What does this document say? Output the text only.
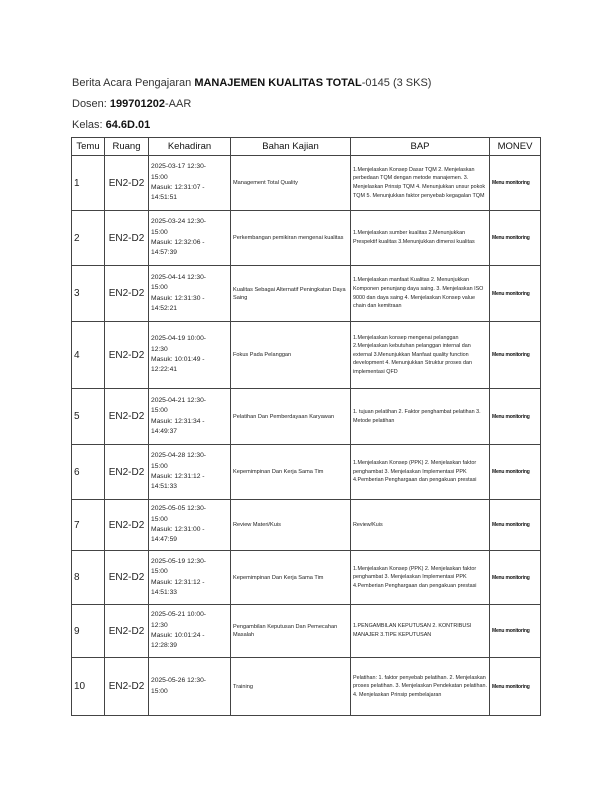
Berita Acara Pengajaran MANAJEMEN KUALITAS TOTAL-0145 (3 SKS)
Dosen: 199701202-AAR
Kelas: 64.6D.01
Temu	Ruang	Kehadiran	Bahan Kajian	BAP	MONEV
1	EN2-D2	2025-03-17 12:30-
15:00
Masuk: 12:31:07 -
14:51:51	Management Total Quality	1.Menjelaskan Konsep Dasar TQM 2. Menjelaskan perbedaan TQM dengan metode manajemen. 3. Menjelaskan Prinsip TQM 4. Menunjukkan unsur pokok TQM 5. Menunjukkan faktor penyebab kegagalan TQM	Menu monitoring

2	EN2-D2	2025-03-24 12:30-
15:00
Masuk: 12:32:06 -
14:57:39	Perkembangan pemikiran mengenai kualitas	1.Menjelaskan sumber kualitas 2.Menunjukkan Prespektif kualitas 3.Menunjukkan dimensi kualitas	Menu monitoring

3	EN2-D2	2025-04-14 12:30-
15:00
Masuk: 12:31:30 -
14:52:21	Kualitas Sebagai Alternatif Peningkatan Daya Saing	1.Menjelaskan manfaat Kualitas 2. Menunjukkan Komponen penunjang daya saing. 3. Menjelaskan ISO 9000 dan daya saing 4. Menjelaskan Konsep value chain dan kemitraan	Menu monitoring

4	EN2-D2	2025-04-19 10:00-
12:30
Masuk: 10:01:49 -
12:22:41	Fokus Pada Pelanggan	1.Menjelaskan konsep mengenai pelanggan 2.Menjelaskan kebutuhan pelanggan internal dan external 3.Menunjukkan Manfaat quality function development 4. Menunjukkan Struktur proses dan implementasi QFD	Menu monitoring

5	EN2-D2	2025-04-21 12:30-
15:00
Masuk: 12:31:34 -
14:49:37	Pelatihan Dan Pemberdayaan Karyawan	1. tujuan pelatihan 2. Faktor penghambat pelatihan 3. Metode pelatihan	Menu monitoring

6	EN2-D2	2025-04-28 12:30-
15:00
Masuk: 12:31:12 -
14:51:33	Kepemimpinan Dan Kerja Sama Tim	1.Menjelaskan Konsep (PPK) 2. Menjelaskan faktor penghambat 3. Menjelaskan Implementasi PPK 4.Pemberian Penghargaan dan pengakuan prestasi	Menu monitoring

7	EN2-D2	2025-05-05 12:30-
15:00
Masuk: 12:31:00 -
14:47:59	Review Materi/Kuis	Review/Kuis	Menu monitoring

8	EN2-D2	2025-05-19 12:30-
15:00
Masuk: 12:31:12 -
14:51:33	Kepemimpinan Dan Kerja Sama Tim	1.Menjelaskan Konsep (PPK) 2. Menjelaskan faktor penghambat 3. Menjelaskan Implementasi PPK 4.Pemberian Penghargaan dan pengakuan prestasi	Menu monitoring

9	EN2-D2	2025-05-21 10:00-
12:30
Masuk: 10:01:24 -
12:28:39	Pengambilan Keputusan Dan Pemecahan Masalah	1.PENGAMBILAN KEPUTUSAN 2. KONTRIBUSI MANAJER 3.TIPE KEPUTUSAN	Menu monitoring

10	EN2-D2	2025-05-26 12:30-
15:00	Training	Pelatihan: 1. faktor penyebab pelatihan. 2. Menjelaskan proses pelatihan. 3. Menjelaskan Pendekatan pelatihan. 4. Menjelaskan Prinsip pembelajaran	Menu monitoring
